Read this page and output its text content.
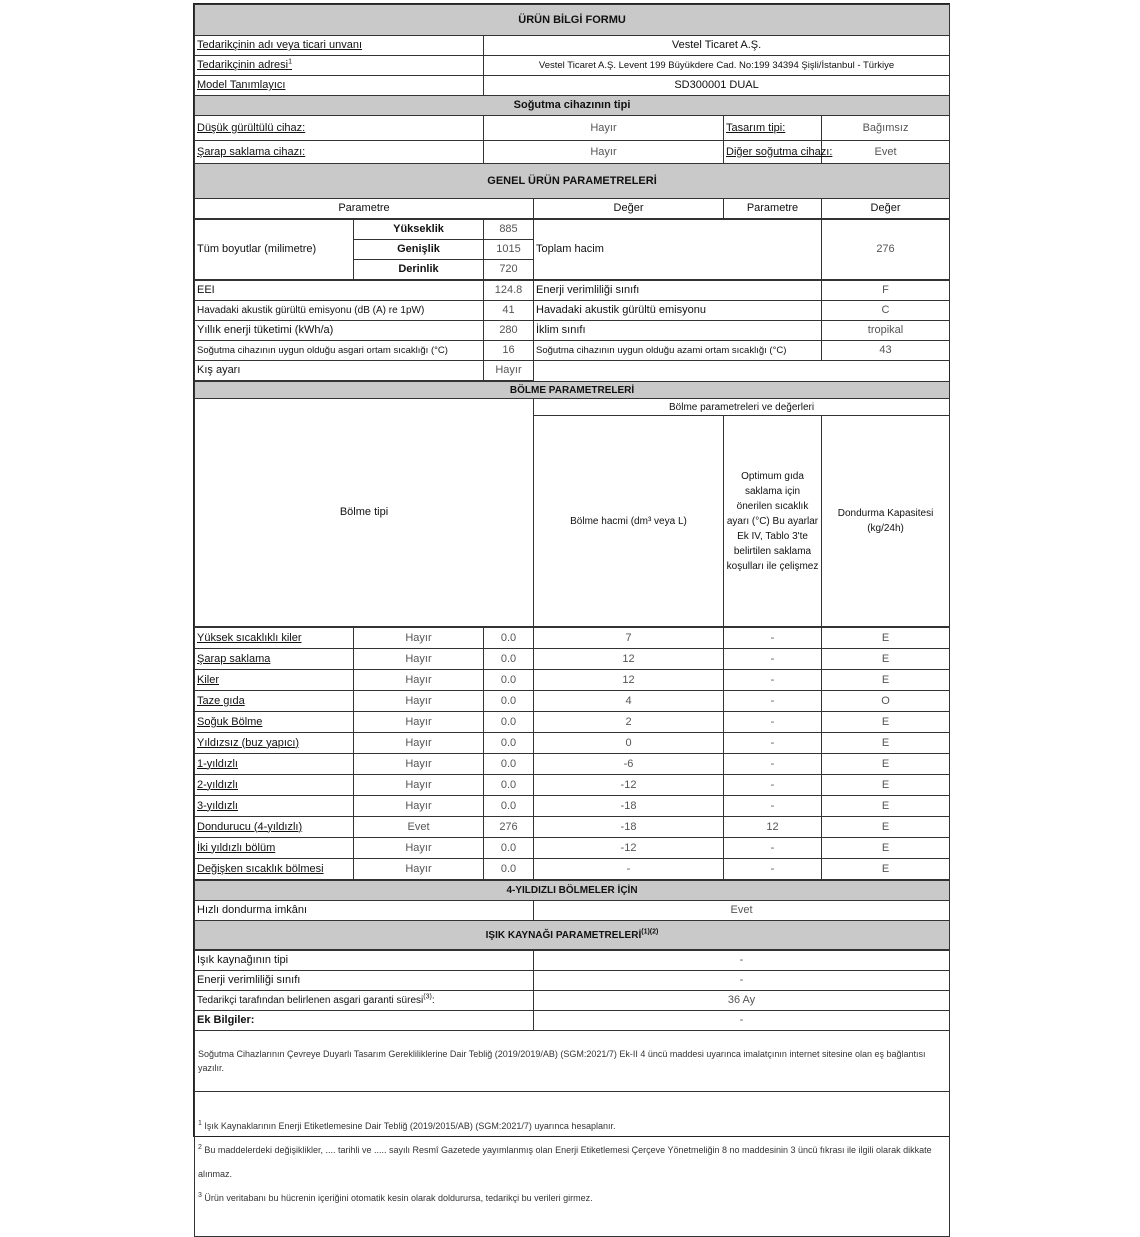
ÜRÜN BİLGİ FORMU				
Tedarikçinin adı veya ticari unvanı	Vestel Ticaret A.Ş.			
Tedarikçinin adresi$^1$	Vestel Ticaret A.Ş. Levent 199 Büyükdere Cad. No:199 34394 Şişli/İstanbul - Türkiye			
Model Tanımlayıcı	SD300001 DUAL			
Soğutma cihazının tipi				
Düşük gürültülü cihaz:	Hayır		Tasarım tipi:	Bağımsız
Şarap saklama cihazı:	Hayır		Diğer soğutma cihazı:	Evet
GENEL ÜRÜN PARAMETRELERİ				
Parametre		Değer	Parametre	Değer
Tüm boyutlar (milimetre)	Yükseklik	885	Toplam hacim	276
	Genişlik	1015		
	Derinlik	720		
EEI	124.8	Enerji verimliliği sınıfı	F
Havadaki akustik gürültü emisyonu (dB (A) re 1pW)	41	Havadaki akustik gürültü emisyonu	C
Yıllık enerji tüketimi (kWh/a)	280	İklim sınıfı	tropikal
Soğutma cihazının uygun olduğu asgari ortam sıcaklığı (°C)	16	Soğutma cihazının uygun olduğu azami ortam sıcaklığı (°C)	43
Kış ayarı	Hayır		
BÖLME PARAMETRELERİ				
Bölme tipi	Bölme parametreleri ve değerleri			
	Bölme hacmi (dm³ veya L)	Optimum gıda saklama için önerilen sıcaklık ayarı (°C) Bu ayarlar Ek IV, Tablo 3'te belirtilen saklama koşulları ile çelişmez	Dondurma Kapasitesi (kg/24h)	
Yüksek sıcaklıklı kiler	Hayır	0.0	7	-	E
Şarap saklama	Hayır	0.0	12	-	E
Kiler	Hayır	0.0	12	-	E
Taze gıda	Hayır	0.0	4	-	O
Soğuk Bölme	Hayır	0.0	2	-	E
Yıldızsız (buz yapıcı)	Hayır	0.0	0	-	E
1-yıldızlı	Hayır	0.0	-6	-	E
2-yıldızlı	Hayır	0.0	-12	-	E
3-yıldızlı	Hayır	0.0	-18	-	E
Dondurucu (4-yıldızlı)	Evet	276	-18	12	E
İki yıldızlı bölüm	Hayır	0.0	-12	-	E
Değişken sıcaklık bölmesi	Hayır	0.0	-	-	E
4-YILDIZLI BÖLMELER İÇİN
Hızlı dondurma imkânı	Evet
IŞIK KAYNAĞI $PARAMETRELERİ^{(1)(2)}$
Işık kaynağının tipi	-
Enerji verimliliği sınıfı	-
Tedarikçi tarafından belirlenen asgari garanti süresi$^{(3)}$:	36 Ay
Ek Bilgiler:	-
Soğutma Cihazlarının Çevreye Duyarlı Tasarım Gerekliliklerine Dair Tebliğ (2019/2019/AB) (SGM:2021/7) Ek-II 4 üncü maddesi uyarınca imalatçının internet sitesine olan eş bağlantısı yazılır.	

$^1$ Işık Kaynaklarının Enerji Etiketlemesine Dair Tebliğ (2019/2015/AB) (SGM:2021/7) uyarınca hesaplanır.
$^2$ Bu maddelerdeki değişiklikler, .... tarihli ve ..... sayılı Resmî Gazetede yayımlanmış olan Enerji Etiketlemesi Çerçeve Yönetmeliğin 8 no maddesinin 3 üncü fıkrası ile ilgili olarak dikkate alınmaz.
$^3$ Ürün veritabanı bu hücrenin içeriğini otomatik kesin olarak doldurursa, tedarikçi bu verileri girmez.	
